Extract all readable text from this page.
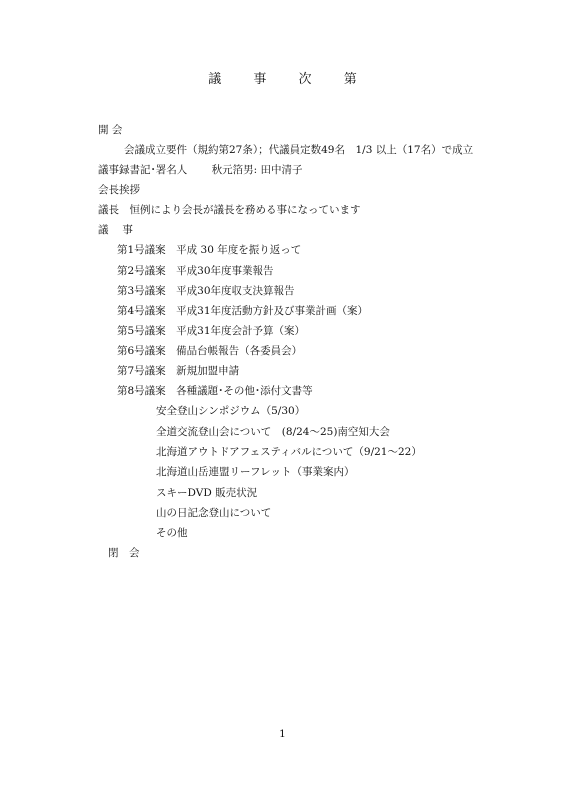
議 事 次 第
開 会
会議成立要件（規約第27条）；代議員定数49名　1/3 以上（17名）で成立
議事録書記･署名人　　 秋元箔男: 田中清子
会長挨拶
議長　恒例により会長が議長を務める事になっています
議　 事
第1号議案　平成 30 年度を振り返って
第2号議案　平成30年度事業報告
第3号議案　平成30年度収支決算報告
第4号議案　平成31年度活動方針及び事業計画（案）
第5号議案　平成31年度会計予算（案）
第6号議案　備品台帳報告（各委員会）
第7号議案　新規加盟申請
第8号議案　各種議題･その他･添付文書等
安全登山シンポジウム（5/30）
全道交流登山会について　(8/24～25)南空知大会
北海道アウトドアフェスティバルについて（9/21～22）
北海道山岳連盟リーフレット（事業案内）
スキーDVD 販売状況
山の日記念登山について
その他
閉　会
1
